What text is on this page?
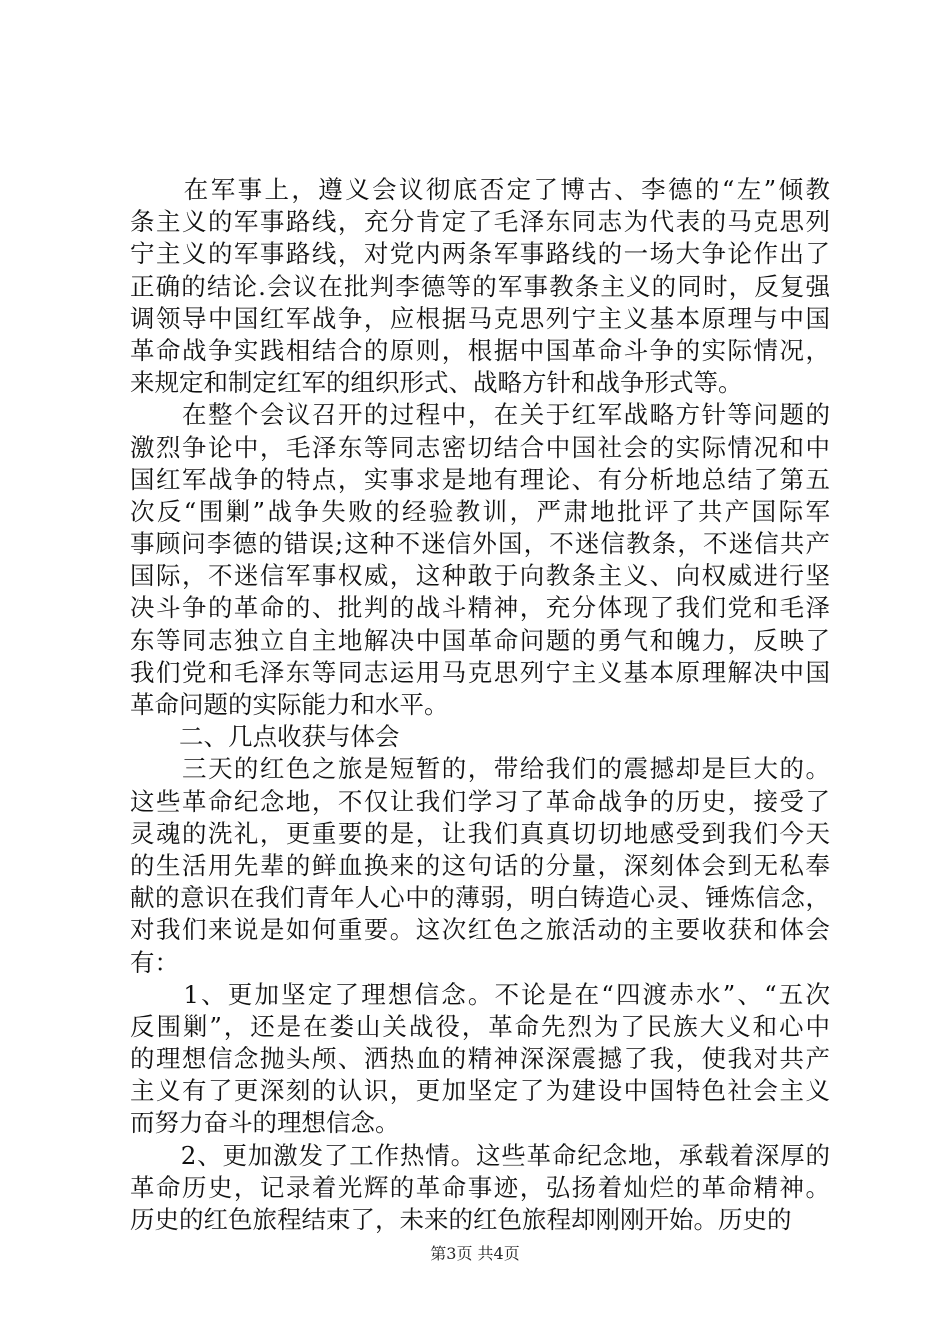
　　在军事上，遵义会议彻底否定了博古、李德的“左”倾教
条主义的军事路线，充分肯定了毛泽东同志为代表的马克思列
宁主义的军事路线，对党内两条军事路线的一场大争论作出了
正确的结论.会议在批判李德等的军事教条主义的同时，反复强
调领导中国红军战争，应根据马克思列宁主义基本原理与中国
革命战争实践相结合的原则，根据中国革命斗争的实际情况，
来规定和制定红军的组织形式、战略方针和战争形式等。
　　在整个会议召开的过程中，在关于红军战略方针等问题的
激烈争论中，毛泽东等同志密切结合中国社会的实际情况和中
国红军战争的特点，实事求是地有理论、有分析地总结了第五
次反“围剿”战争失败的经验教训，严肃地批评了共产国际军
事顾问李德的错误;这种不迷信外国，不迷信教条，不迷信共产
国际，不迷信军事权威，这种敢于向教条主义、向权威进行坚
决斗争的革命的、批判的战斗精神，充分体现了我们党和毛泽
东等同志独立自主地解决中国革命问题的勇气和魄力，反映了
我们党和毛泽东等同志运用马克思列宁主义基本原理解决中国
革命问题的实际能力和水平。
　　二、几点收获与体会
　　三天的红色之旅是短暂的，带给我们的震撼却是巨大的。
这些革命纪念地，不仅让我们学习了革命战争的历史，接受了
灵魂的洗礼，更重要的是，让我们真真切切地感受到我们今天
的生活用先辈的鲜血换来的这句话的分量，深刻体会到无私奉
献的意识在我们青年人心中的薄弱，明白铸造心灵、锤炼信念，
对我们来说是如何重要。这次红色之旅活动的主要收获和体会
有：
　　1、更加坚定了理想信念。不论是在“四渡赤水”、“五次
反围剿”，还是在娄山关战役，革命先烈为了民族大义和心中
的理想信念抛头颅、洒热血的精神深深震撼了我，使我对共产
主义有了更深刻的认识，更加坚定了为建设中国特色社会主义
而努力奋斗的理想信念。
　　2、更加激发了工作热情。这些革命纪念地，承载着深厚的
革命历史，记录着光辉的革命事迹，弘扬着灿烂的革命精神。
历史的红色旅程结束了，未来的红色旅程却刚刚开始。历史的
第3页 共4页
